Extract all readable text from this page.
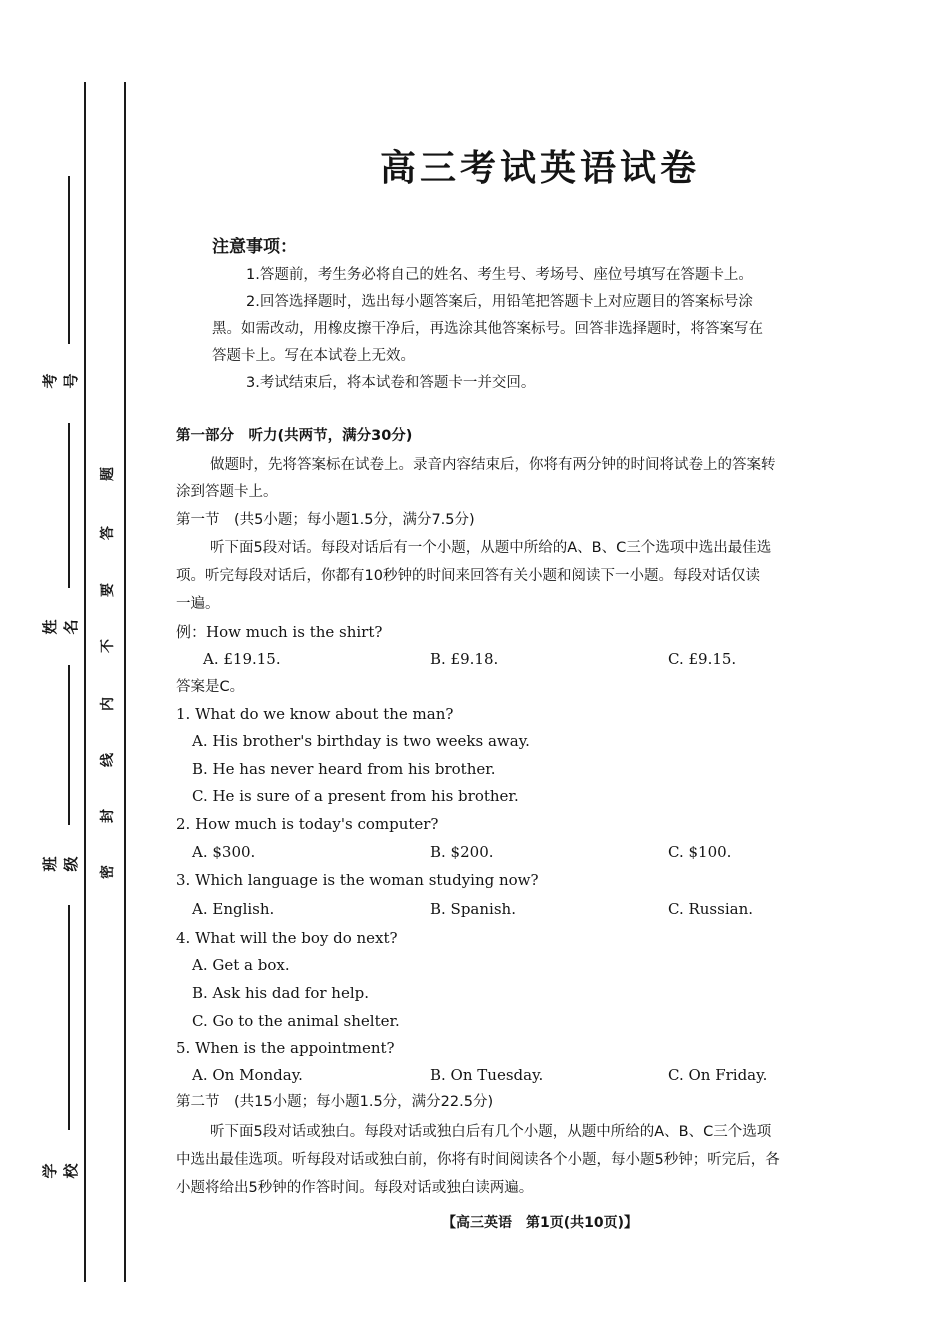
考号
姓名
班级
学校
密
封
线
内
不
要
答
题
高三考试英语试卷
注意事项：
1.答题前，考生务必将自己的姓名、考生号、考场号、座位号填写在答题卡上。
2.回答选择题时，选出每小题答案后，用铅笔把答题卡上对应题目的答案标号涂
黑。如需改动，用橡皮擦干净后，再选涂其他答案标号。回答非选择题时，将答案写在
答题卡上。写在本试卷上无效。
3.考试结束后，将本试卷和答题卡一并交回。
第一部分　听力(共两节，满分30分)
做题时，先将答案标在试卷上。录音内容结束后，你将有两分钟的时间将试卷上的答案转
涂到答题卡上。
第一节　(共5小题；每小题1.5分，满分7.5分)
听下面5段对话。每段对话后有一个小题，从题中所给的A、B、C三个选项中选出最佳选
项。听完每段对话后，你都有10秒钟的时间来回答有关小题和阅读下一小题。每段对话仅读
一遍。
例：How much is the shirt?
A. £19.15.	B. £9.18.	C. £9.15.
答案是C。
1. What do we know about the man?
A. His brother's birthday is two weeks away.
B. He has never heard from his brother.
C. He is sure of a present from his brother.
2. How much is today's computer?
A. $300.	B. $200.	C. $100.
3. Which language is the woman studying now?
A. English.	B. Spanish.	C. Russian.
4. What will the boy do next?
A. Get a box.
B. Ask his dad for help.
C. Go to the animal shelter.
5. When is the appointment?
A. On Monday.	B. On Tuesday.	C. On Friday.
第二节　(共15小题；每小题1.5分，满分22.5分)
听下面5段对话或独白。每段对话或独白后有几个小题，从题中所给的A、B、C三个选项
中选出最佳选项。听每段对话或独白前，你将有时间阅读各个小题，每小题5秒钟；听完后，各
小题将给出5秒钟的作答时间。每段对话或独白读两遍。
【高三英语　第1页(共10页)】
